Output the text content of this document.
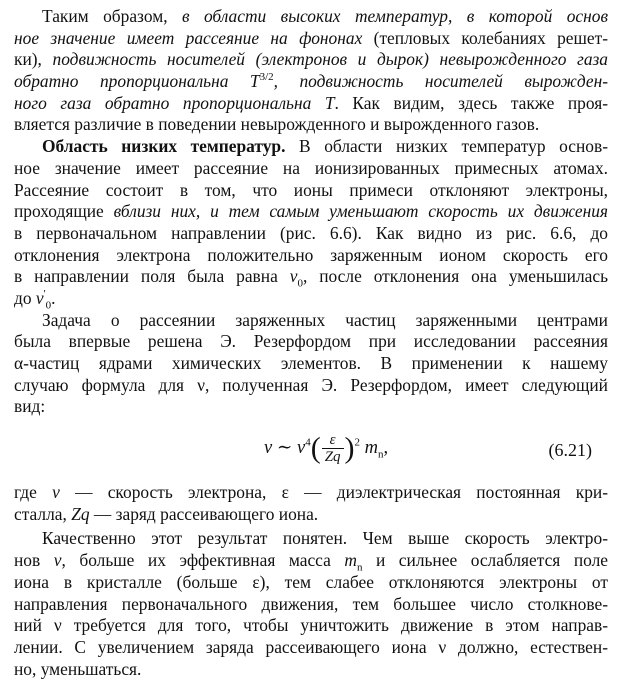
Таким образом, в области высоких температур, в которой основ
ное значение имеет рассеяние на фононах (тепловых колебаниях решет-
ки), подвижность носителей (электронов и дырок) невырожденного газа
обратно пропорциональна $T^{3/2}$, подвижность носителей вырожден-
ного газа обратно пропорциональна T. Как видим, здесь также проя-
вляется различие в поведении невырожденного и вырожденного газов.
Область низких температур. В области низких температур основ-
ное значение имеет рассеяние на ионизированных примесных атомах.
Рассеяние состоит в том, что ионы примеси отклоняют электроны,
проходящие вблизи них, и тем самым уменьшают скорость их движения
в первоначальном направлении (рис. 6.6). Как видно из рис. 6.6, до
отклонения электрона положительно заряженным ионом скорость его
в направлении поля была равна $v_0$, после отклонения она уменьшилась
до $v'_0$.
Задача о рассеянии заряженных частиц заряженными центрами
была впервые решена Э. Резерфордом при исследовании рассеяния
α-частиц ядрами химических элементов. В применении к нашему
случаю формула для ν, полученная Э. Резерфордом, имеет следующий
вид:
ν ∼ $v^4( \frac{\varepsilon}{Zq} )^2$ $m_n$,	(6.21)
где v — скорость электрона, ε — диэлектрическая постоянная кри-
сталла, Zq — заряд рассеивающего иона.
Качественно этот результат понятен. Чем выше скорость электро-
нов v, больше их эффективная масса $m_n$ и сильнее ослабляется поле
иона в кристалле (больше ε), тем слабее отклоняются электроны от
направления первоначального движения, тем большее число столкнове-
ний ν требуется для того, чтобы уничтожить движение в этом направ-
лении. С увеличением заряда рассеивающего иона ν должно, естествен-
но, уменьшаться.
